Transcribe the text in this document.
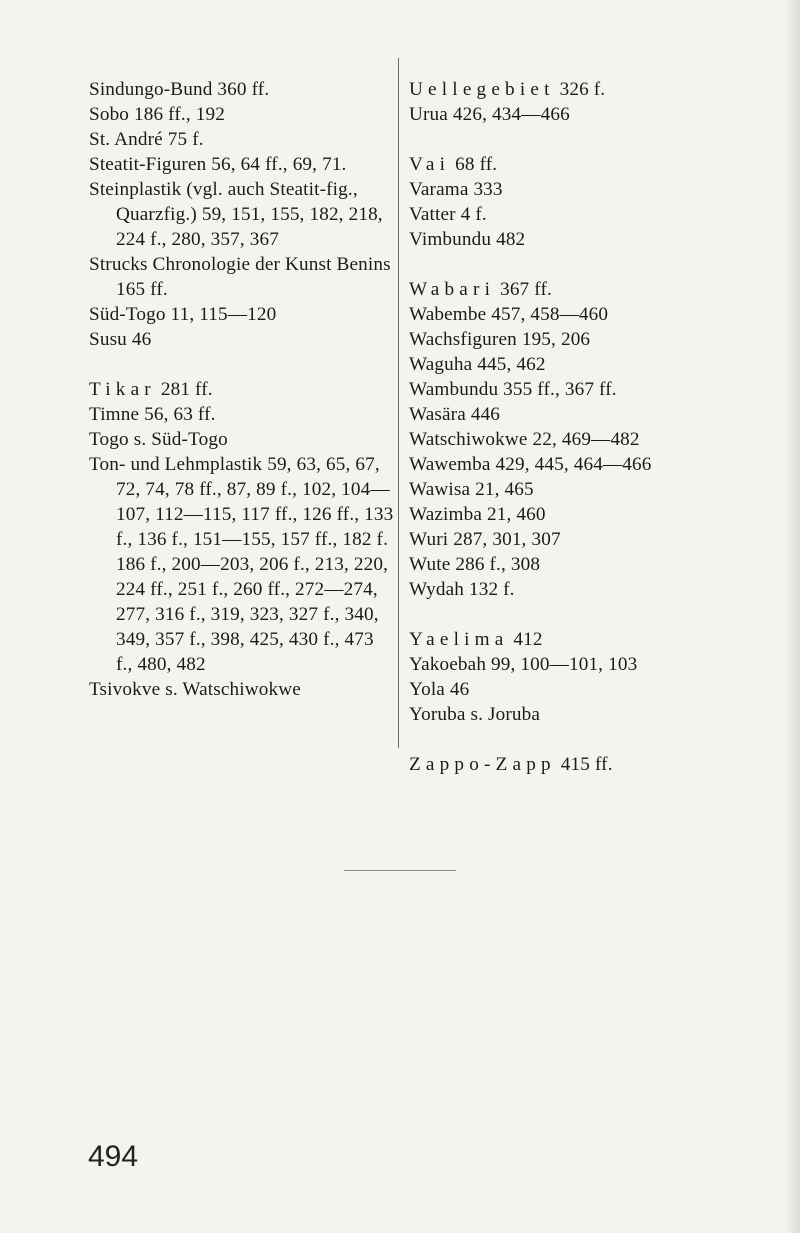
Sindungo-Bund 360 ff.

Sobo 186 ff., 192

St. André 75 f.

Steatit-Figuren 56, 64 ff., 69, 71.

Steinplastik (vgl. auch Steatit-fig., Quarzfig.) 59, 151, 155, 182, 218, 224 f., 280, 357, 367

Strucks Chronologie der Kunst Benins 165 ff.

Süd-Togo 11, 115—120

Susu 46

Tikar 281 ff.

Timne 56, 63 ff.

Togo s. Süd-Togo

Ton- und Lehmplastik 59, 63, 65, 67, 72, 74, 78 ff., 87, 89 f., 102, 104—107, 112—115, 117 ff., 126 ff., 133 f., 136 f., 151—155, 157 ff., 182 f. 186 f., 200—203, 206 f., 213, 220, 224 ff., 251 f., 260 ff., 272—274, 277, 316 f., 319, 323, 327 f., 340, 349, 357 f., 398, 425, 430 f., 473 f., 480, 482

Tsivokve s. Watschiwokwe

Uellegebiet 326 f.

Urua 426, 434—466

Vai 68 ff.

Varama 333

Vatter 4 f.

Vimbundu 482

Wabari 367 ff.

Wabembe 457, 458—460

Wachsfiguren 195, 206

Waguha 445, 462

Wambundu 355 ff., 367 ff.

Wasära 446

Watschiwokwe 22, 469—482

Wawemba 429, 445, 464—466

Wawisa 21, 465

Wazimba 21, 460

Wuri 287, 301, 307

Wute 286 f., 308

Wydah 132 f.

Yaelima 412

Yakoebah 99, 100—101, 103

Yola 46

Yoruba s. Joruba

Zappo-Zapp 415 ff.

494
